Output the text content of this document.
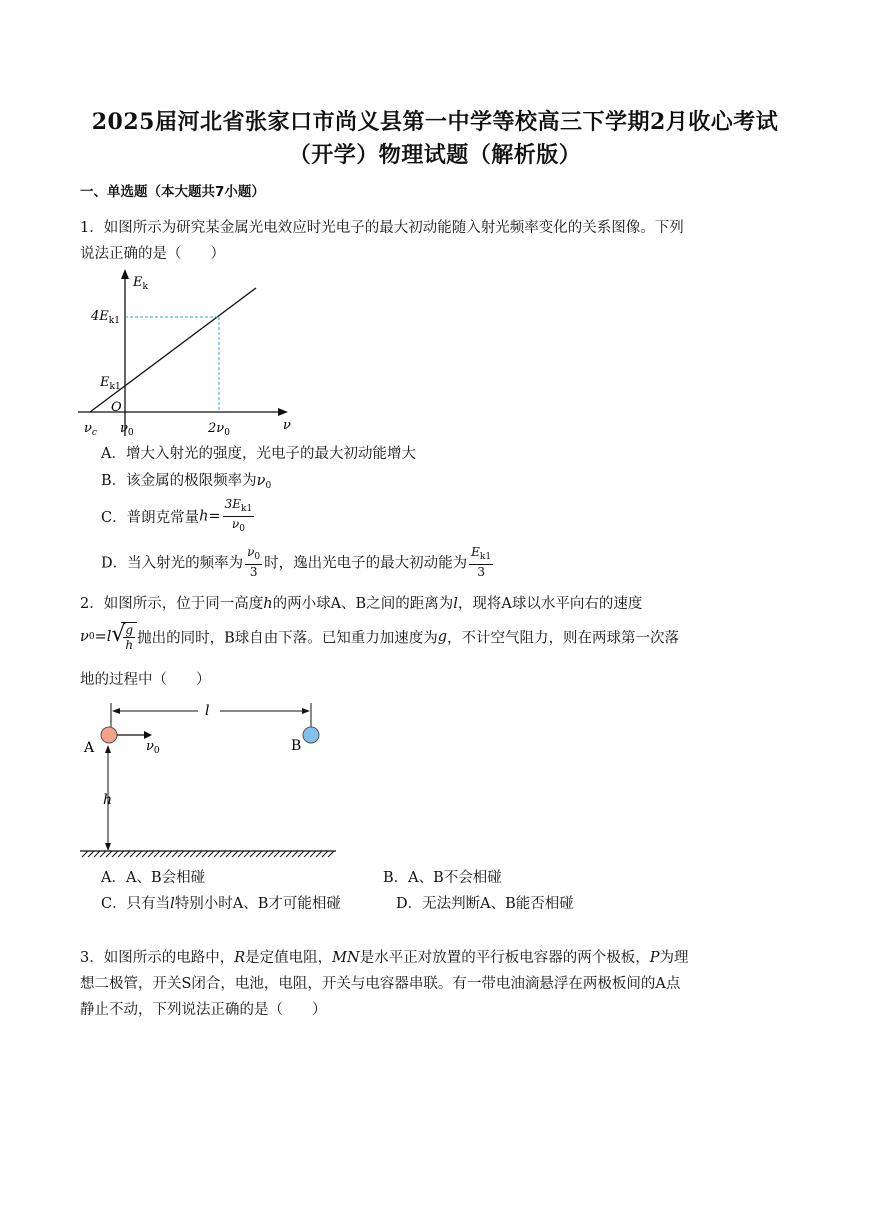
2025届河北省张家口市尚义县第一中学等校高三下学期2月收心考试
（开学）物理试题（解析版）
一、单选题（本大题共7小题）
1．如图所示为研究某金属光电效应时光电子的最大初动能随入射光频率变化的关系图像。下列
说法正确的是（　　）
$E_k$
$4E_{k1}$
$E_{k1}$
O
ν
$\nu_c$ $\nu_0$	$2\nu_0$
A．增大入射光的强度，光电子的最大初动能增大
B．该金属的极限频率为$\nu_0$
C．普朗克常量$h= \frac{3E_{k1}}{\nu_0}$
D．当入射光的频率为 $\frac{\nu_0}{3}$ 时，逸出光电子的最大初动能为 $\frac{E_{k1}}{3}$
2．如图所示，位于同一高度h的两小球A、B之间的距离为l，现将A球以水平向右的速度
ν0=l √
$\frac{g}{h}$ 抛出的同时，B球自由下落。已知重力加速度为g，不计空气阻力，则在两球第一次落
地的过程中（　　）
l
A	$\nu_0$	B
h
A．A、B会相碰	B．A、B不会相碰
C．只有当l特别小时A、B才可能相碰	D．无法判断A、B能否相碰
3．如图所示的电路中，R是定值电阻，MN是水平正对放置的平行板电容器的两个极板，P为理
想二极管，开关S闭合，电池，电阻，开关与电容器串联。有一带电油滴悬浮在两极板间的A点
静止不动，下列说法正确的是（　　）
